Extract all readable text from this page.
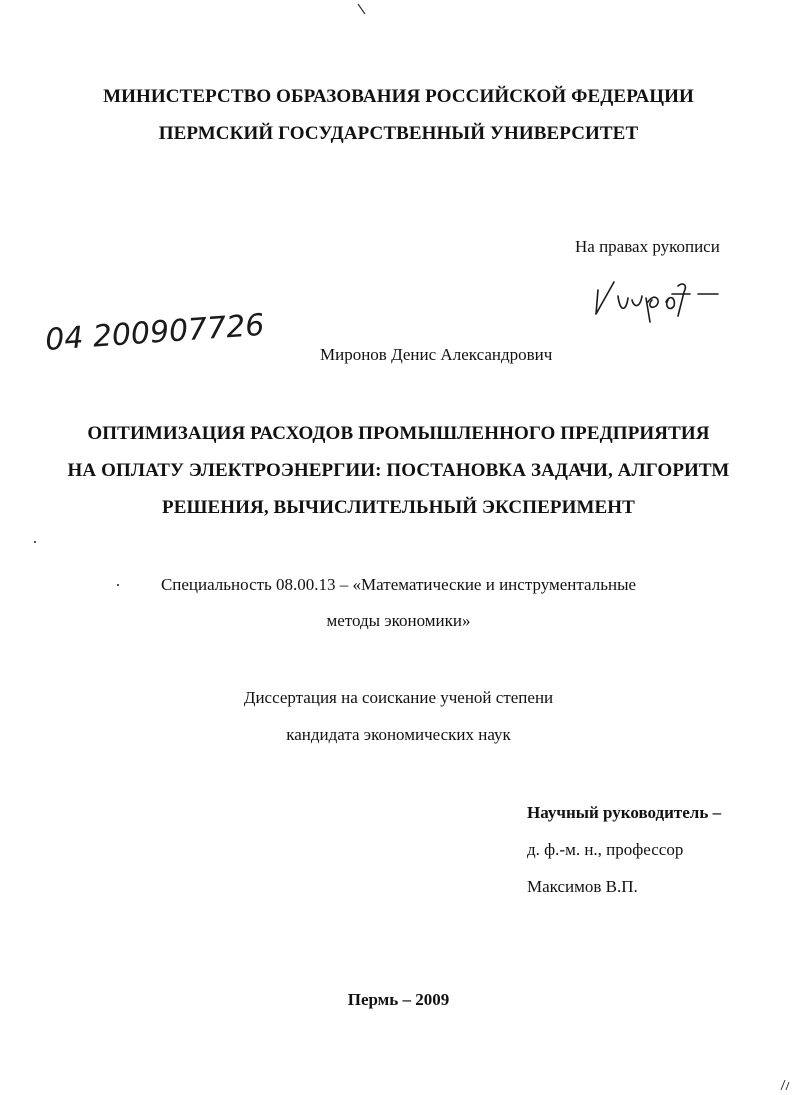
МИНИСТЕРСТВО ОБРАЗОВАНИЯ РОССИЙСКОЙ ФЕДЕРАЦИИ
ПЕРМСКИЙ ГОСУДАРСТВЕННЫЙ УНИВЕРСИТЕТ
На правах рукописи
04 200907726	Миронов Денис Александрович
ОПТИМИЗАЦИЯ РАСХОДОВ ПРОМЫШЛЕННОГО ПРЕДПРИЯТИЯ
НА ОПЛАТУ ЭЛЕКТРОЭНЕРГИИ: ПОСТАНОВКА ЗАДАЧИ, АЛГОРИТМ
РЕШЕНИЯ, ВЫЧИСЛИТЕЛЬНЫЙ ЭКСПЕРИМЕНТ
Специальность 08.00.13 – «Математические и инструментальные
методы экономики»
Диссертация на соискание ученой степени
кандидата экономических наук
Научный руководитель –
д. ф.-м. н., профессор
Максимов В.П.
Пермь – 2009
